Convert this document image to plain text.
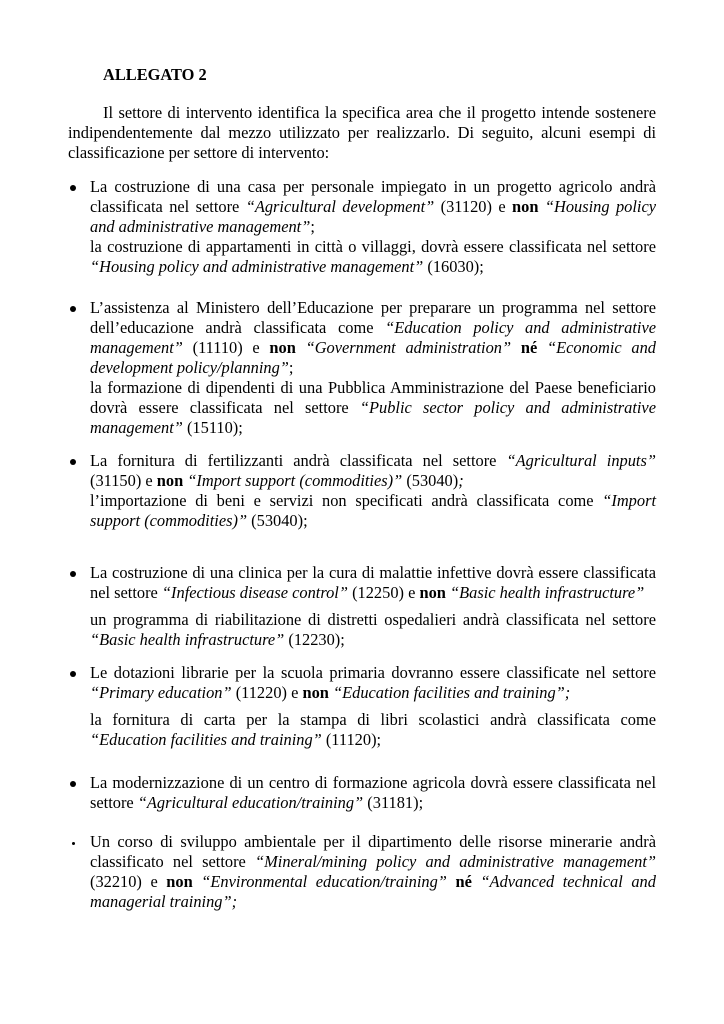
ALLEGATO 2

Il settore di intervento identifica la specifica area che il progetto intende sostenere indipendentemente dal mezzo utilizzato per realizzarlo. Di seguito, alcuni esempi di classificazione per settore di intervento:

La costruzione di una casa per personale impiegato in un progetto agricolo andrà classificata nel settore “Agricultural development” (31120) e non “Housing policy and administrative management”;

la costruzione di appartamenti in città o villaggi, dovrà essere classificata nel settore “Housing policy and administrative management” (16030);

L’assistenza al Ministero dell’Educazione per preparare un programma nel settore dell’educazione andrà classificata come “Education policy and administrative management” (11110) e non “Government administration” né “Economic and development policy/planning”;

la formazione di dipendenti di una Pubblica Amministrazione del Paese beneficiario dovrà essere classificata nel settore “Public sector policy and administrative management” (15110);

La fornitura di fertilizzanti andrà classificata nel settore “Agricultural inputs” (31150) e non “Import support (commodities)” (53040);

l’importazione di beni e servizi non specificati andrà classificata come “Import support (commodities)” (53040);

La costruzione di una clinica per la cura di malattie infettive dovrà essere classificata nel settore “Infectious disease control” (12250) e non “Basic health infrastructure”

un programma di riabilitazione di distretti ospedalieri andrà classificata nel settore “Basic health infrastructure” (12230);

Le dotazioni librarie per la scuola primaria dovranno essere classificate nel settore “Primary education” (11220) e non “Education facilities and training”;

la fornitura di carta per la stampa di libri scolastici andrà classificata come “Education facilities and training” (11120);

La modernizzazione di un centro di formazione agricola dovrà essere classificata nel settore “Agricultural education/training” (31181);

Un corso di sviluppo ambientale per il dipartimento delle risorse minerarie andrà classificato nel settore “Mineral/mining policy and administrative management” (32210) e non “Environmental education/training” né “Advanced technical and managerial training”;
